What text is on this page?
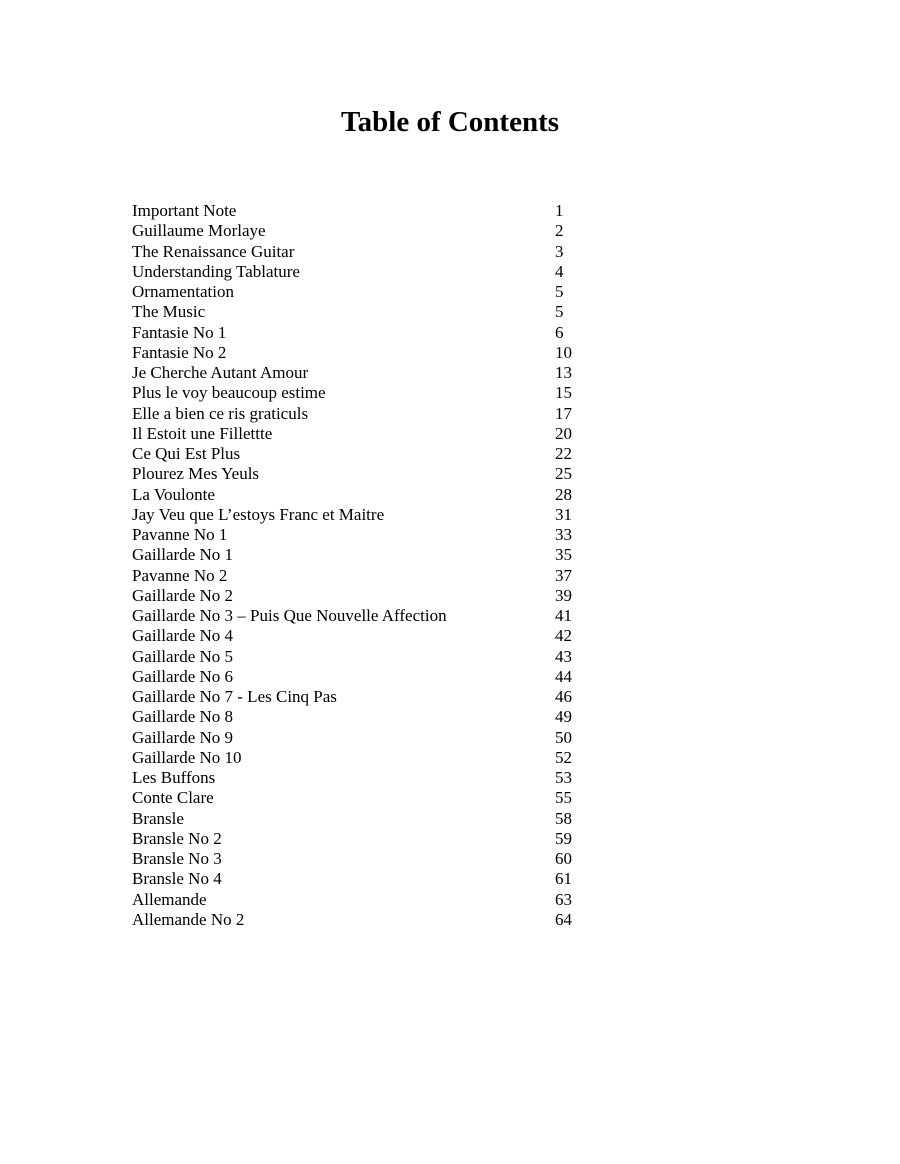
Table of Contents
Important Note	1
Guillaume Morlaye	2
The Renaissance Guitar	3
Understanding Tablature	4
Ornamentation	5
The Music	5
Fantasie No 1	6
Fantasie No 2	10
Je Cherche Autant Amour	13
Plus le voy beaucoup estime	15
Elle a bien ce ris graticuls	17
Il Estoit une Fillettte	20
Ce Qui Est Plus	22
Plourez Mes Yeuls	25
La Voulonte	28
Jay Veu que L’estoys Franc et Maitre	31
Pavanne No 1	33
Gaillarde No 1	35
Pavanne No 2	37
Gaillarde No 2	39
Gaillarde No 3 – Puis Que Nouvelle Affection	41
Gaillarde No 4	42
Gaillarde No 5	43
Gaillarde No 6	44
Gaillarde No 7 - Les Cinq Pas	46
Gaillarde No 8	49
Gaillarde No 9	50
Gaillarde No 10	52
Les Buffons	53
Conte Clare	55
Bransle	58
Bransle No 2	59
Bransle No 3	60
Bransle No 4	61
Allemande	63
Allemande No 2	64
